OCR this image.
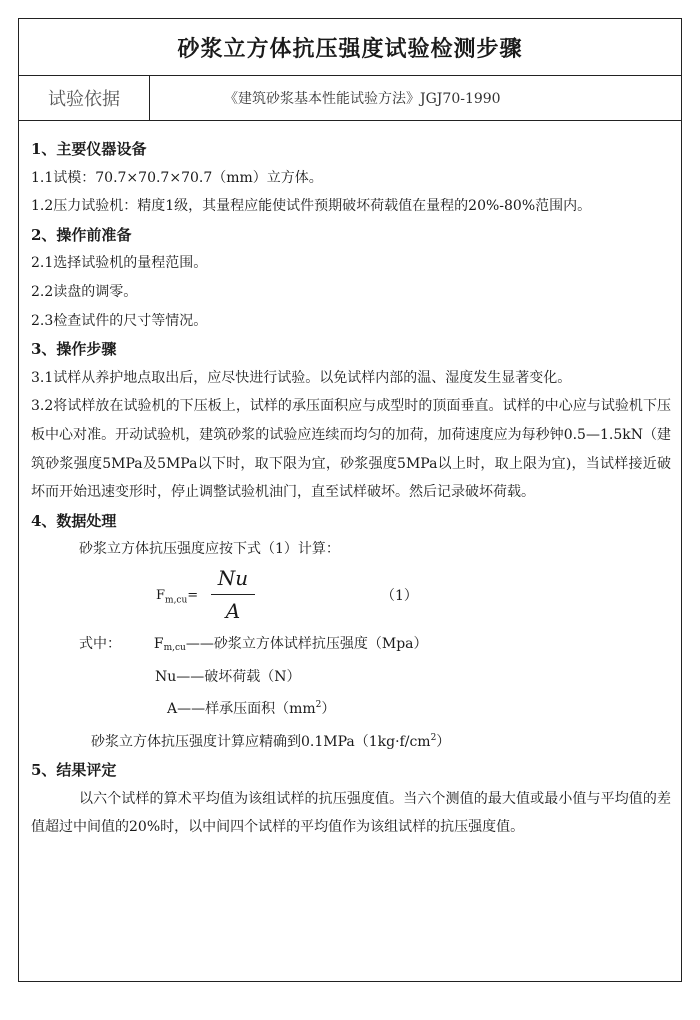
砂浆立方体抗压强度试验检测步骤
试验依据	《建筑砂浆基本性能试验方法》JGJ70-1990
1、主要仪器设备

1.1试模：70.7×70.7×70.7（mm）立方体。

1.2压力试验机：精度1级，其量程应能使试件预期破坏荷载值在量程的20%-80%范围内。

2、操作前准备

2.1选择试验机的量程范围。

2.2读盘的调零。

2.3检查试件的尺寸等情况。

3、操作步骤

3.1试样从养护地点取出后，应尽快进行试验。以免试样内部的温、湿度发生显著变化。

3.2将试样放在试验机的下压板上，试样的承压面积应与成型时的顶面垂直。试样的中心应与试验机下压板中心对准。开动试验机，建筑砂浆的试验应连续而均匀的加荷，加荷速度应为每秒钟0.5—1.5kN（建筑砂浆强度5MPa及5MPa以下时，取下限为宜，砂浆强度5MPa以上时，取上限为宜)，当试样接近破坏而开始迅速变形时，停止调整试验机油门，直至试样破坏。然后记录破坏荷载。

4、数据处理

砂浆立方体抗压强度应按下式（1）计算：

$F_{m,cu}=$
Nu
A
（1）
式中： $F_{m,cu}——$砂浆立方体试样抗压强度（Mpa）
Nu——破坏荷载（N）
A——样承压面积$(mm^2)$
砂浆立方体抗压强度计算应精确到$0.1MPa(1kg\cdot f/cm^2)$
5、结果评定

以六个试样的算术平均值为该组试样的抗压强度值。当六个测值的最大值或最小值与平均值的差值超过中间值的20%时，以中间四个试样的平均值作为该组试样的抗压强度值。
